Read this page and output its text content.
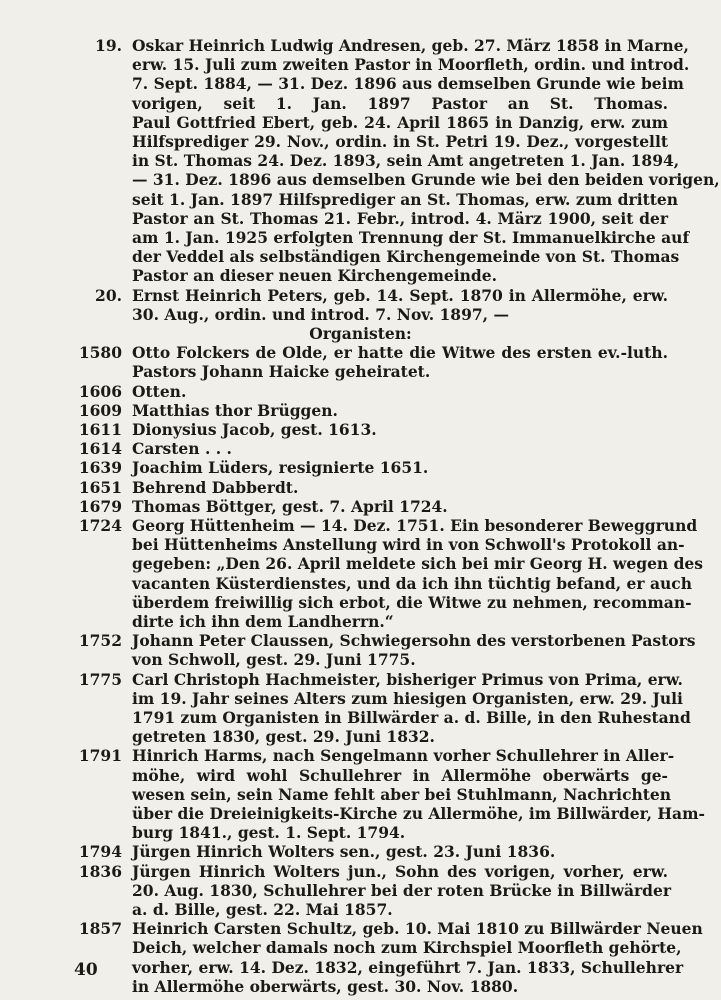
19. Oskar Heinrich Ludwig Andresen, geb. 27. März 1858 in Marne,
erw. 15. Juli zum zweiten Pastor in Moorfleth, ordin. und introd.
7. Sept. 1884, — 31. Dez. 1896 aus demselben Grunde wie beim
vorigen, seit 1. Jan. 1897 Pastor an St. Thomas.
Paul Gottfried Ebert, geb. 24. April 1865 in Danzig, erw. zum
Hilfsprediger 29. Nov., ordin. in St. Petri 19. Dez., vorgestellt
in St. Thomas 24. Dez. 1893, sein Amt angetreten 1. Jan. 1894,
— 31. Dez. 1896 aus demselben Grunde wie bei den beiden vorigen,
seit 1. Jan. 1897 Hilfsprediger an St. Thomas, erw. zum dritten
Pastor an St. Thomas 21. Febr., introd. 4. März 1900, seit der
am 1. Jan. 1925 erfolgten Trennung der St. Immanuelkirche auf
der Veddel als selbständigen Kirchengemeinde von St. Thomas
Pastor an dieser neuen Kirchengemeinde.
20. Ernst Heinrich Peters, geb. 14. Sept. 1870 in Allermöhe, erw.
30. Aug., ordin. und introd. 7. Nov. 1897, —
Organisten:
1580 Otto Folckers de Olde, er hatte die Witwe des ersten ev.-luth.
Pastors Johann Haicke geheiratet.
1606 Otten.
1609 Matthias thor Brüggen.
1611 Dionysius Jacob, gest. 1613.
1614 Carsten . . .
1639 Joachim Lüders, resignierte 1651.
1651 Behrend Dabberdt.
1679 Thomas Böttger, gest. 7. April 1724.
1724 Georg Hüttenheim — 14. Dez. 1751. Ein besonderer Beweggrund
bei Hüttenheims Anstellung wird in von Schwoll's Protokoll an-
gegeben: „Den 26. April meldete sich bei mir Georg H. wegen des
vacanten Küsterdienstes, und da ich ihn tüchtig befand, er auch
überdem freiwillig sich erbot, die Witwe zu nehmen, recomman-
dirte ich ihn dem Landherrn.“
1752 Johann Peter Claussen, Schwiegersohn des verstorbenen Pastors
von Schwoll, gest. 29. Juni 1775.
1775 Carl Christoph Hachmeister, bisheriger Primus von Prima, erw.
im 19. Jahr seines Alters zum hiesigen Organisten, erw. 29. Juli
1791 zum Organisten in Billwärder a. d. Bille, in den Ruhestand
getreten 1830, gest. 29. Juni 1832.
1791 Hinrich Harms, nach Sengelmann vorher Schullehrer in Aller-
möhe, wird wohl Schullehrer in Allermöhe oberwärts ge-
wesen sein, sein Name fehlt aber bei Stuhlmann, Nachrichten
über die Dreieinigkeits-Kirche zu Allermöhe, im Billwärder, Ham-
burg 1841., gest. 1. Sept. 1794.
1794 Jürgen Hinrich Wolters sen., gest. 23. Juni 1836.
1836 Jürgen Hinrich Wolters jun., Sohn des vorigen, vorher, erw.
20. Aug. 1830, Schullehrer bei der roten Brücke in Billwärder
a. d. Bille, gest. 22. Mai 1857.
1857 Heinrich Carsten Schultz, geb. 10. Mai 1810 zu Billwärder Neuen
Deich, welcher damals noch zum Kirchspiel Moorfleth gehörte,
vorher, erw. 14. Dez. 1832, eingeführt 7. Jan. 1833, Schullehrer
in Allermöhe oberwärts, gest. 30. Nov. 1880.
40
